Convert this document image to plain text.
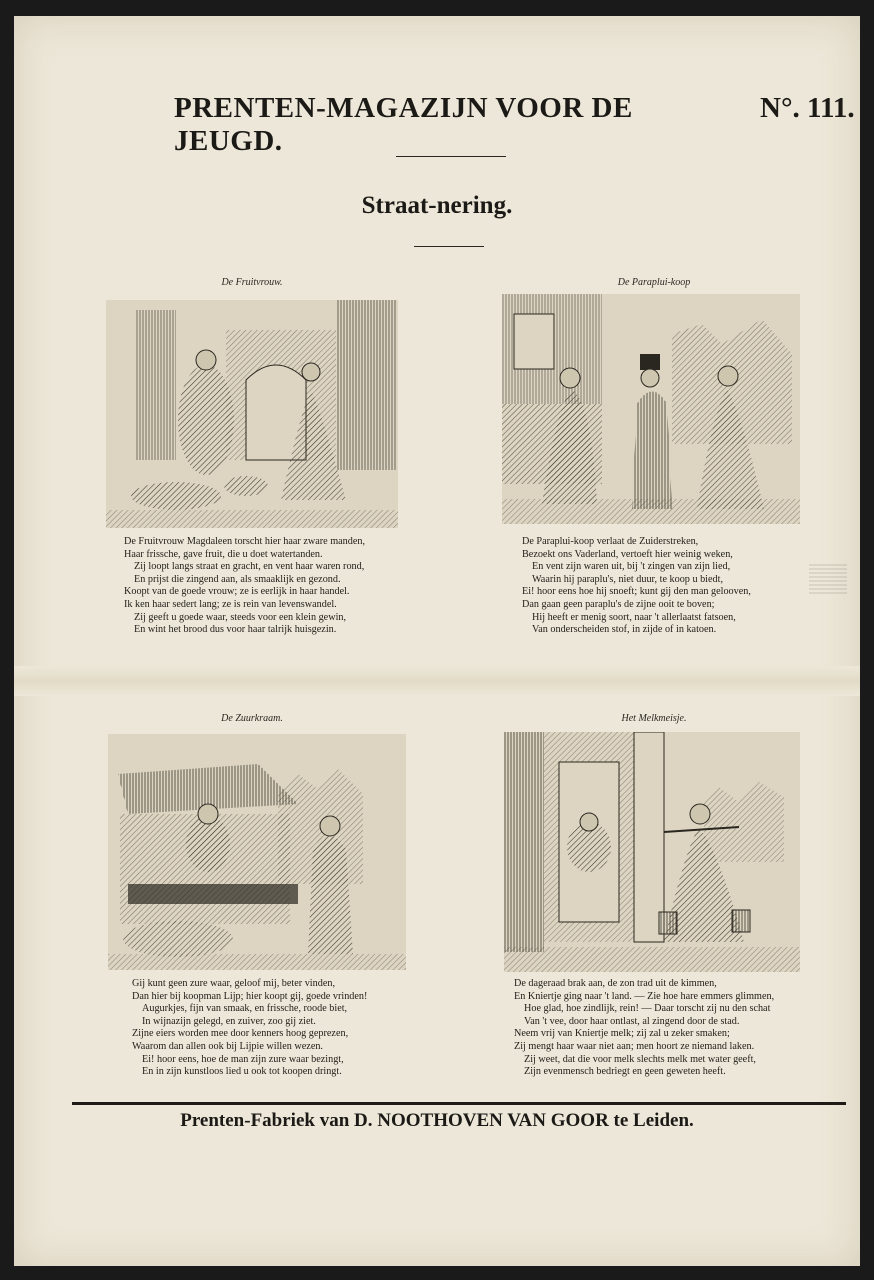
PRENTEN-MAGAZIJN VOOR DE JEUGD.
N°. 111.
Straat-nering.
De Fruitvrouw.
De Fruitvrouw Magdaleen torscht hier haar zware manden,
Haar frissche, gave fruit, die u doet watertanden.
Zij loopt langs straat en gracht, en vent haar waren rond,
En prijst die zingend aan, als smaaklijk en gezond.
Koopt van de goede vrouw; ze is eerlijk in haar handel.
Ik ken haar sedert lang; ze is rein van levenswandel.
Zij geeft u goede waar, steeds voor een klein gewin,
En wint het brood dus voor haar talrijk huisgezin.
De Paraplui-koop
De Paraplui-koop verlaat de Zuiderstreken,
Bezoekt ons Vaderland, vertoeft hier weinig weken,
En vent zijn waren uit, bij 't zingen van zijn lied,
Waarin hij paraplu's, niet duur, te koop u biedt,
Ei! hoor eens hoe hij snoeft; kunt gij den man gelooven,
Dan gaan geen paraplu's de zijne ooit te boven;
Hij heeft er menig soort, naar 't allerlaatst fatsoen,
Van onderscheiden stof, in zijde of in katoen.
De Zuurkraam.
Gij kunt geen zure waar, geloof mij, beter vinden,
Dan hier bij koopman Lijp; hier koopt gij, goede vrinden!
Augurkjes, fijn van smaak, en frissche, roode biet,
In wijnazijn gelegd, en zuiver, zoo gij ziet.
Zijne eiers worden mee door kenners hoog geprezen,
Waarom dan allen ook bij Lijpie willen wezen.
Ei! hoor eens, hoe de man zijn zure waar bezingt,
En in zijn kunstloos lied u ook tot koopen dringt.
Het Melkmeisje.
De dageraad brak aan, de zon trad uit de kimmen,
En Kniertje ging naar 't land. — Zie hoe hare emmers glimmen,
Hoe glad, hoe zindlijk, rein! — Daar torscht zij nu den schat
Van 't vee, door haar ontlast, al zingend door de stad.
Neem vrij van Kniertje melk; zij zal u zeker smaken;
Zij mengt haar waar niet aan; men hoort ze niemand laken.
Zij weet, dat die voor melk slechts melk met water geeft,
Zijn evenmensch bedriegt en geen geweten heeft.
Prenten-Fabriek van D. NOOTHOVEN VAN GOOR te Leiden.
